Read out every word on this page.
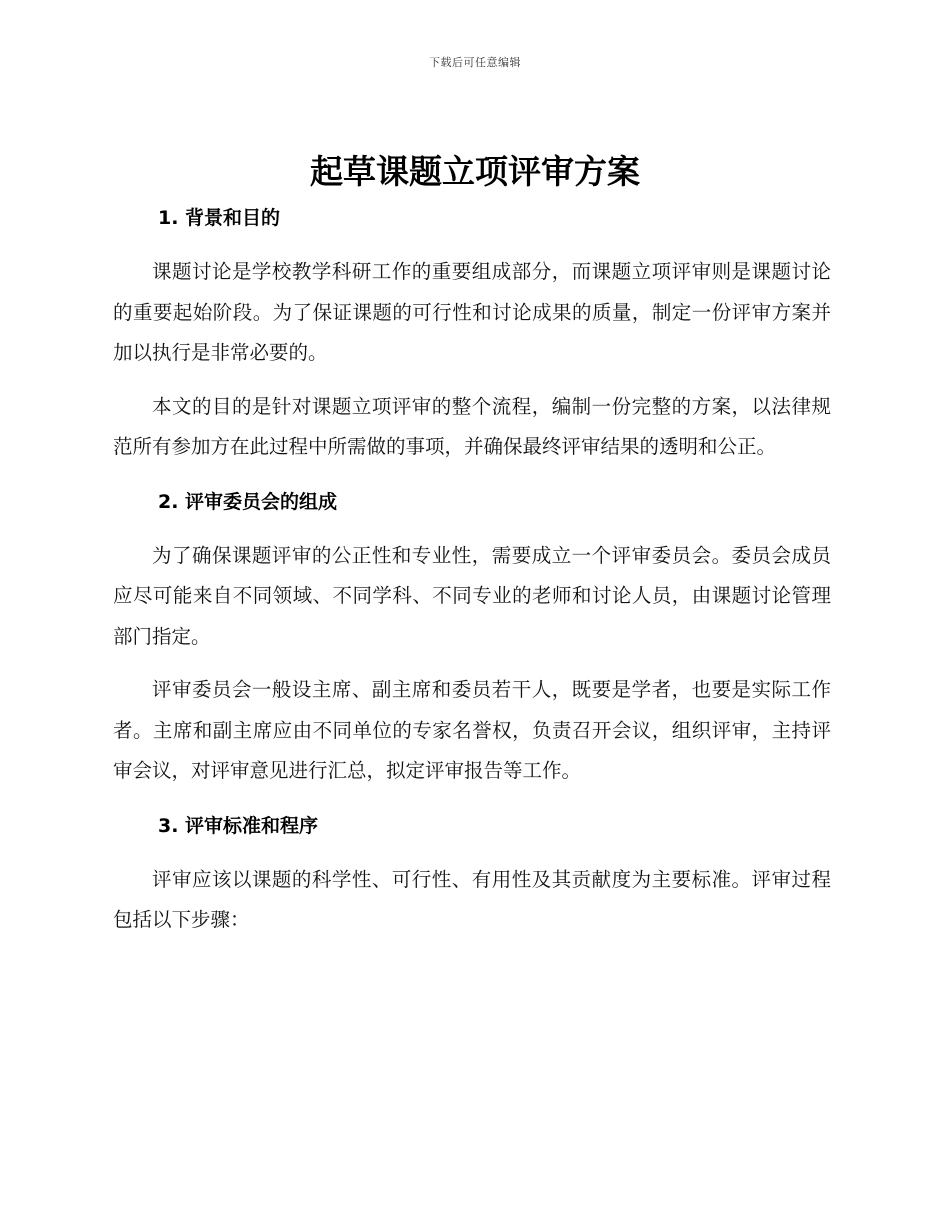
下载后可任意编辑
起草课题立项评审方案
1. 背景和目的

课题讨论是学校教学科研工作的重要组成部分，而课题立项评审则是课题讨论的重要起始阶段。为了保证课题的可行性和讨论成果的质量，制定一份评审方案并加以执行是非常必要的。

本文的目的是针对课题立项评审的整个流程，编制一份完整的方案，以法律规范所有参加方在此过程中所需做的事项，并确保最终评审结果的透明和公正。

2. 评审委员会的组成

为了确保课题评审的公正性和专业性，需要成立一个评审委员会。委员会成员应尽可能来自不同领域、不同学科、不同专业的老师和讨论人员，由课题讨论管理部门指定。

评审委员会一般设主席、副主席和委员若干人，既要是学者，也要是实际工作者。主席和副主席应由不同单位的专家名誉权，负责召开会议，组织评审，主持评审会议，对评审意见进行汇总，拟定评审报告等工作。

3. 评审标准和程序

评审应该以课题的科学性、可行性、有用性及其贡献度为主要标准。评审过程包括以下步骤：
